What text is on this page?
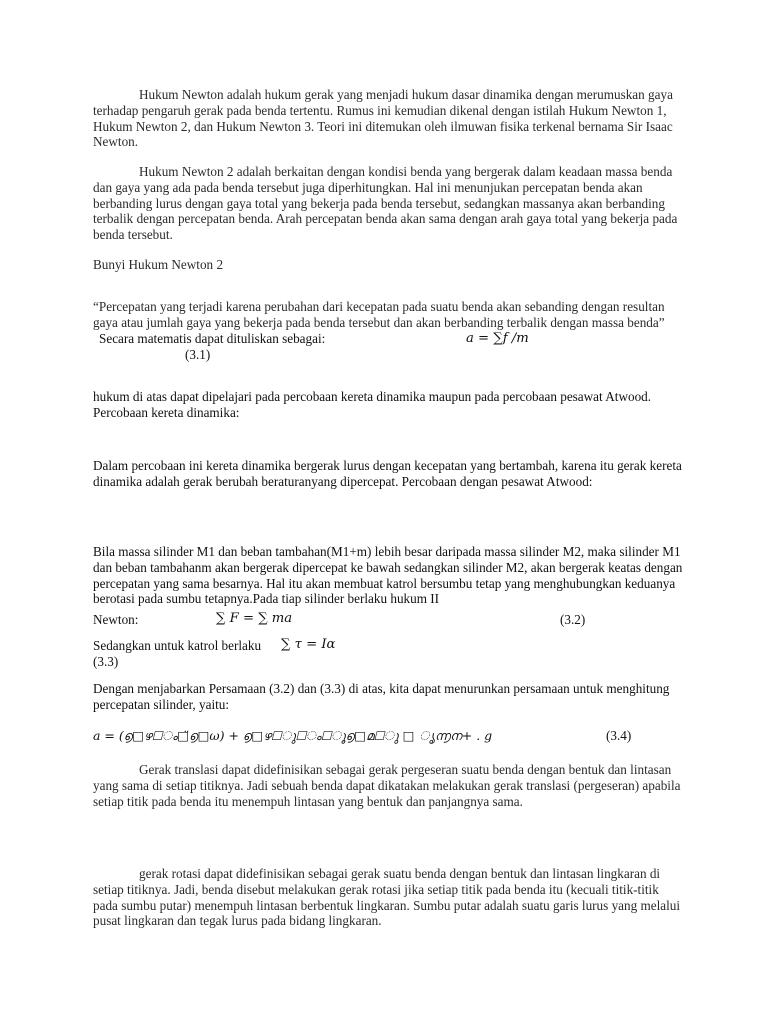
Hukum Newton adalah hukum gerak yang menjadi hukum dasar dinamika dengan merumuskan gaya terhadap pengaruh gerak pada benda tertentu. Rumus ini kemudian dikenal dengan istilah Hukum Newton 1, Hukum Newton 2, dan Hukum Newton 3. Teori ini ditemukan oleh ilmuwan fisika terkenal bernama Sir Isaac Newton.

Hukum Newton 2 adalah berkaitan dengan kondisi benda yang bergerak dalam keadaan massa benda dan gaya yang ada pada benda tersebut juga diperhitungkan. Hal ini menunjukan percepatan benda akan berbanding lurus dengan gaya total yang bekerja pada benda tersebut, sedangkan massanya akan berbanding terbalik dengan percepatan benda. Arah percepatan benda akan sama dengan arah gaya total yang bekerja pada benda tersebut.

Bunyi Hukum Newton 2

“Percepatan yang terjadi karena perubahan dari kecepatan pada suatu benda akan sebanding dengan resultan gaya atau jumlah gaya yang bekerja pada benda tersebut dan akan berbanding terbalik dengan massa benda” Secara matematis dapat dituliskan sebagai:	a = ∑f /m
(3.1)

hukum di atas dapat dipelajari pada percobaan kereta dinamika maupun pada percobaan pesawat Atwood. Percobaan kereta dinamika:

Dalam percobaan ini kereta dinamika bergerak lurus dengan kecepatan yang bertambah, karena itu gerak kereta dinamika adalah gerak berubah beraturanyang dipercepat. Percobaan dengan pesawat Atwood:

Bila massa silinder M1 dan beban tambahan(M1+m) lebih besar daripada massa silinder M2, maka silinder M1 dan beban tambahanm akan bergerak dipercepat ke bawah sedangkan silinder M2, akan bergerak keatas dengan percepatan yang sama besarnya. Hal itu akan membuat katrol bersumbu tetap yang menghubungkan keduanya berotasi pada sumbu tetapnya.Pada tiap silinder berlaku hukum II

Newton:	∑ F = ∑ ma	(3.2)
Sedangkan untuk katrol berlaku ∑ τ = Iα
(3.3)

Dengan menjabarkan Persamaan (3.2) dan (3.3) di atas, kita dapat menurunkan persamaan untuk menghitung percepatan silinder, yaitu:

a = (൭□ഴ□ം□̈൭□ω) + ൭□ഴ□ു□ം□ൂ൭□മ□ു □ ൃ൬ന+ . g	(3.4)

Gerak translasi dapat didefinisikan sebagai gerak pergeseran suatu benda dengan bentuk dan lintasan yang sama di setiap titiknya. Jadi sebuah benda dapat dikatakan melakukan gerak translasi (pergeseran) apabila setiap titik pada benda itu menempuh lintasan yang bentuk dan panjangnya sama.

gerak rotasi dapat didefinisikan sebagai gerak suatu benda dengan bentuk dan lintasan lingkaran di setiap titiknya. Jadi, benda disebut melakukan gerak rotasi jika setiap titik pada benda itu (kecuali titik-titik pada sumbu putar) menempuh lintasan berbentuk lingkaran. Sumbu putar adalah suatu garis lurus yang melalui pusat lingkaran dan tegak lurus pada bidang lingkaran.
